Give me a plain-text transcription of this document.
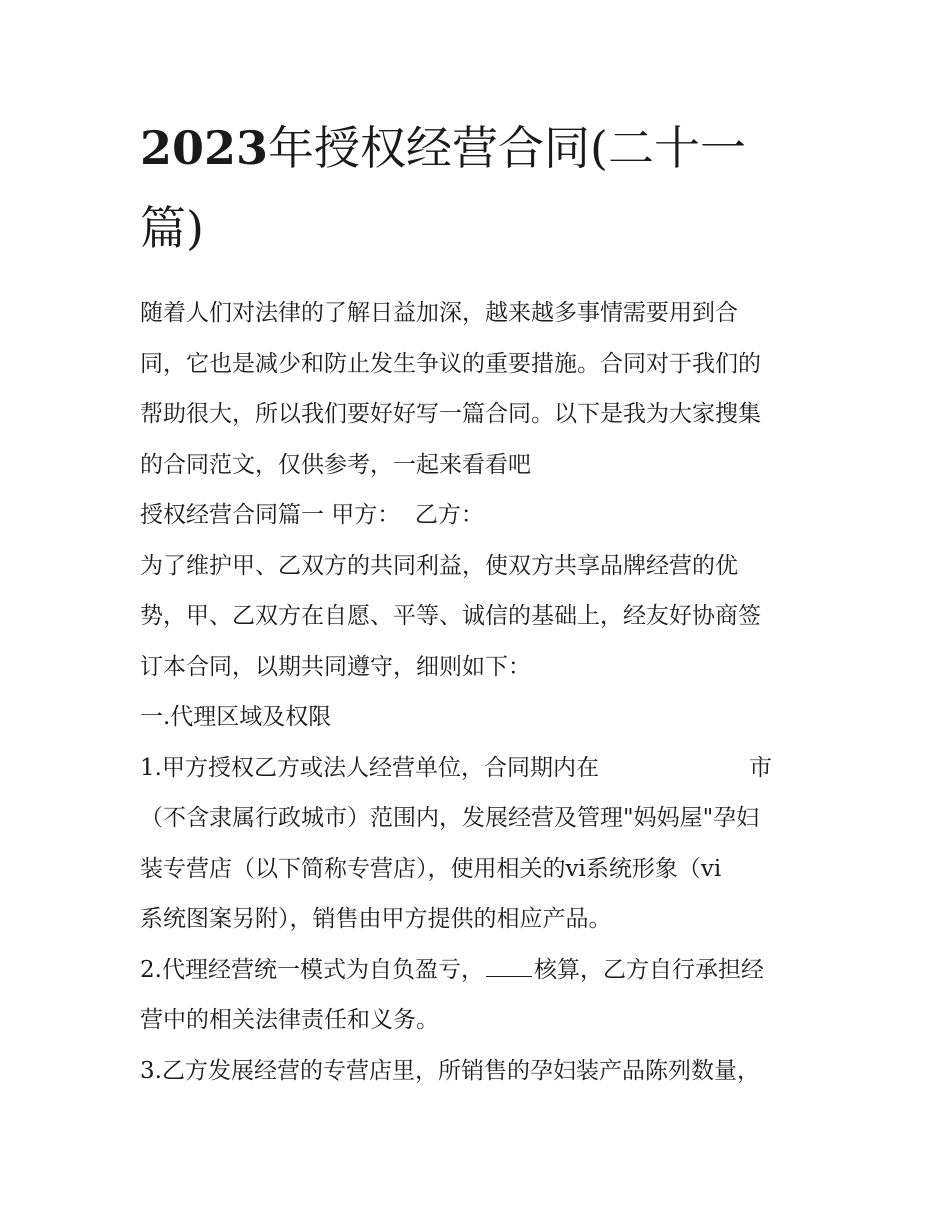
2023年授权经营合同(二十一
篇)

随着人们对法律的了解日益加深，越来越多事情需要用到合
同，它也是减少和防止发生争议的重要措施。合同对于我们的
帮助很大，所以我们要好好写一篇合同。以下是我为大家搜集
的合同范文，仅供参考，一起来看看吧

授权经营合同篇一 甲方：  乙方：

为了维护甲、乙双方的共同利益，使双方共享品牌经营的优
势，甲、乙双方在自愿、平等、诚信的基础上，经友好协商签
订本合同，以期共同遵守，细则如下：

一.代理区域及权限

1.甲方授权乙方或法人经营单位，合同期内在	市
（不含隶属行政城市）范围内，发展经营及管理"妈妈屋"孕妇
装专营店（以下简称专营店），使用相关的vi系统形象（vi
系统图案另附），销售由甲方提供的相应产品。

2.代理经营统一模式为自负盈亏， 核算，乙方自行承担经
营中的相关法律责任和义务。

3.乙方发展经营的专营店里，所销售的孕妇装产品陈列数量，
